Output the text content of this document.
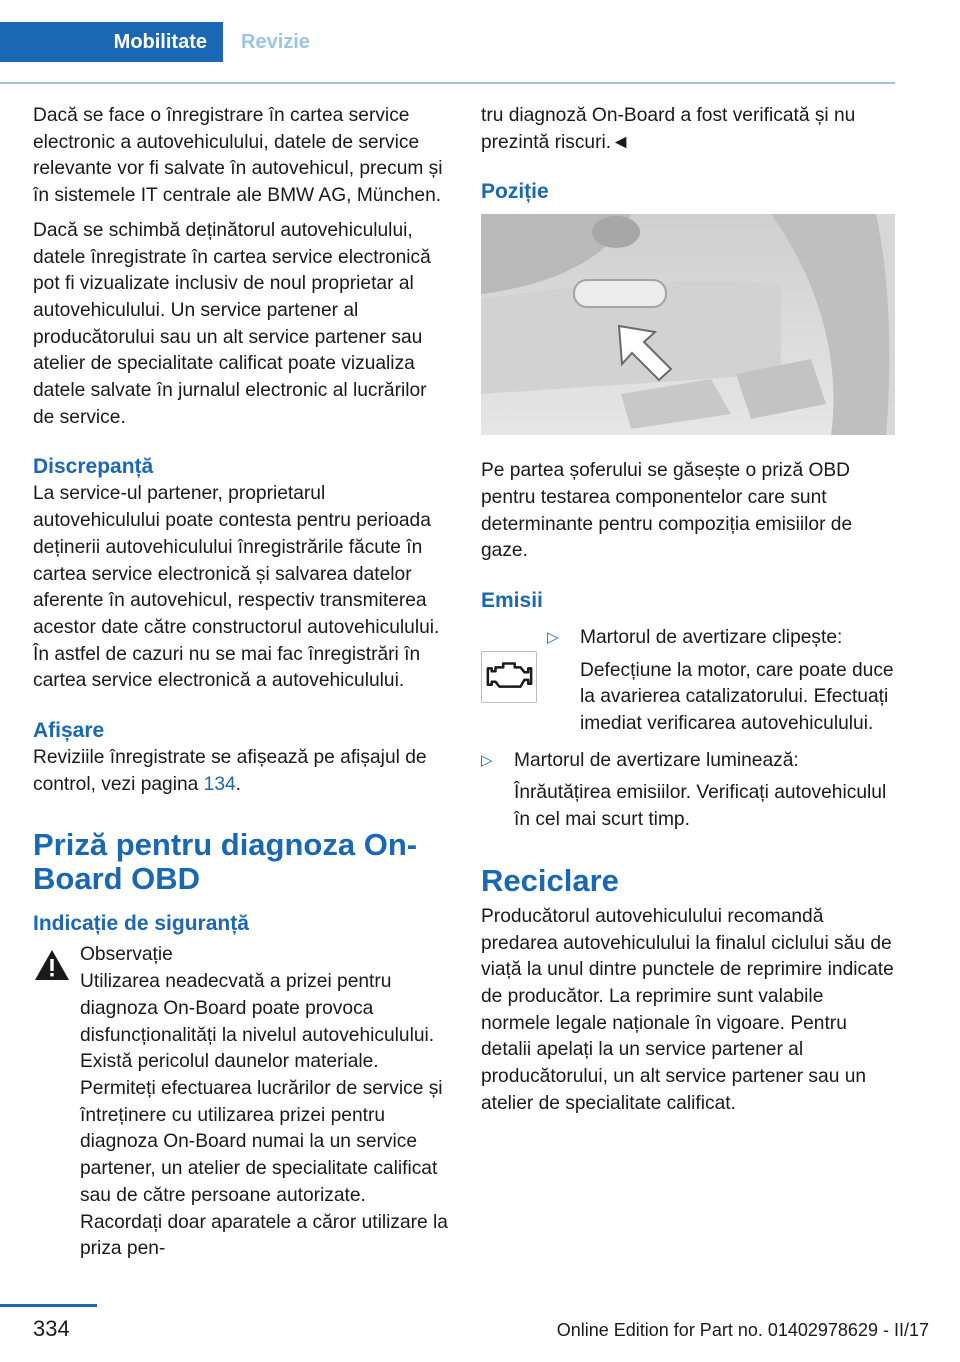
Mobilitate	Revizie

Dacă se face o înregistrare în cartea service electronic a autovehiculului, datele de service relevante vor fi salvate în autovehicul, precum și în sistemele IT centrale ale BMW AG, München.

Dacă se schimbă deținătorul autovehiculului, datele înregistrate în cartea service electronică pot fi vizualizate inclusiv de noul proprietar al autovehiculului. Un service partener al producătorului sau un alt service partener sau atelier de specialitate calificat poate vizualiza datele salvate în jurnalul electronic al lucrărilor de service.

Discrepanță

La service-ul partener, proprietarul autovehiculului poate contesta pentru perioada deținerii autovehiculului înregistrările făcute în cartea service electronică și salvarea datelor aferente în autovehicul, respectiv transmiterea acestor date către constructorul autovehiculului. În astfel de cazuri nu se mai fac înregistrări în cartea service electronică a autovehiculului.

Afișare

Reviziile înregistrate se afișează pe afișajul de control, vezi pagina 134.

Priză pentru diagnoza On-Board OBD
Indicație de siguranță
Observație
Utilizarea neadecvată a prizei pentru diagnoza On-Board poate provoca disfuncționalități la nivelul autovehiculului. Există pericolul daunelor materiale. Permiteți efectuarea lucrărilor de service și întreținere cu utilizarea prizei pentru diagnoza On-Board numai la un service partener, un atelier de specialitate calificat sau de către persoane autorizate. Racordați doar aparatele a căror utilizare la priza pen-

tru diagnoză On-Board a fost verificată și nu prezintă riscuri.◄

Poziție

Pe partea șoferului se găsește o priză OBD pentru testarea componentelor care sunt determinante pentru compoziția emisiilor de gaze.

Emisii
▷ Martorul de avertizare clipește:
Defecțiune la motor, care poate duce la avarierea catalizatorului. Efectuați imediat verificarea autovehiculului.
▷ Martorul de avertizare luminează:
Înrăutățirea emisiilor. Verificați autovehiculul în cel mai scurt timp.
Reciclare

Producătorul autovehiculului recomandă predarea autovehiculului la finalul ciclului său de viață la unul dintre punctele de reprimire indicate de producător. La reprimire sunt valabile normele legale naționale în vigoare. Pentru detalii apelați la un service partener al producătorului, un alt service partener sau un atelier de specialitate calificat.

334	Online Edition for Part no. 01402978629 - II/17
